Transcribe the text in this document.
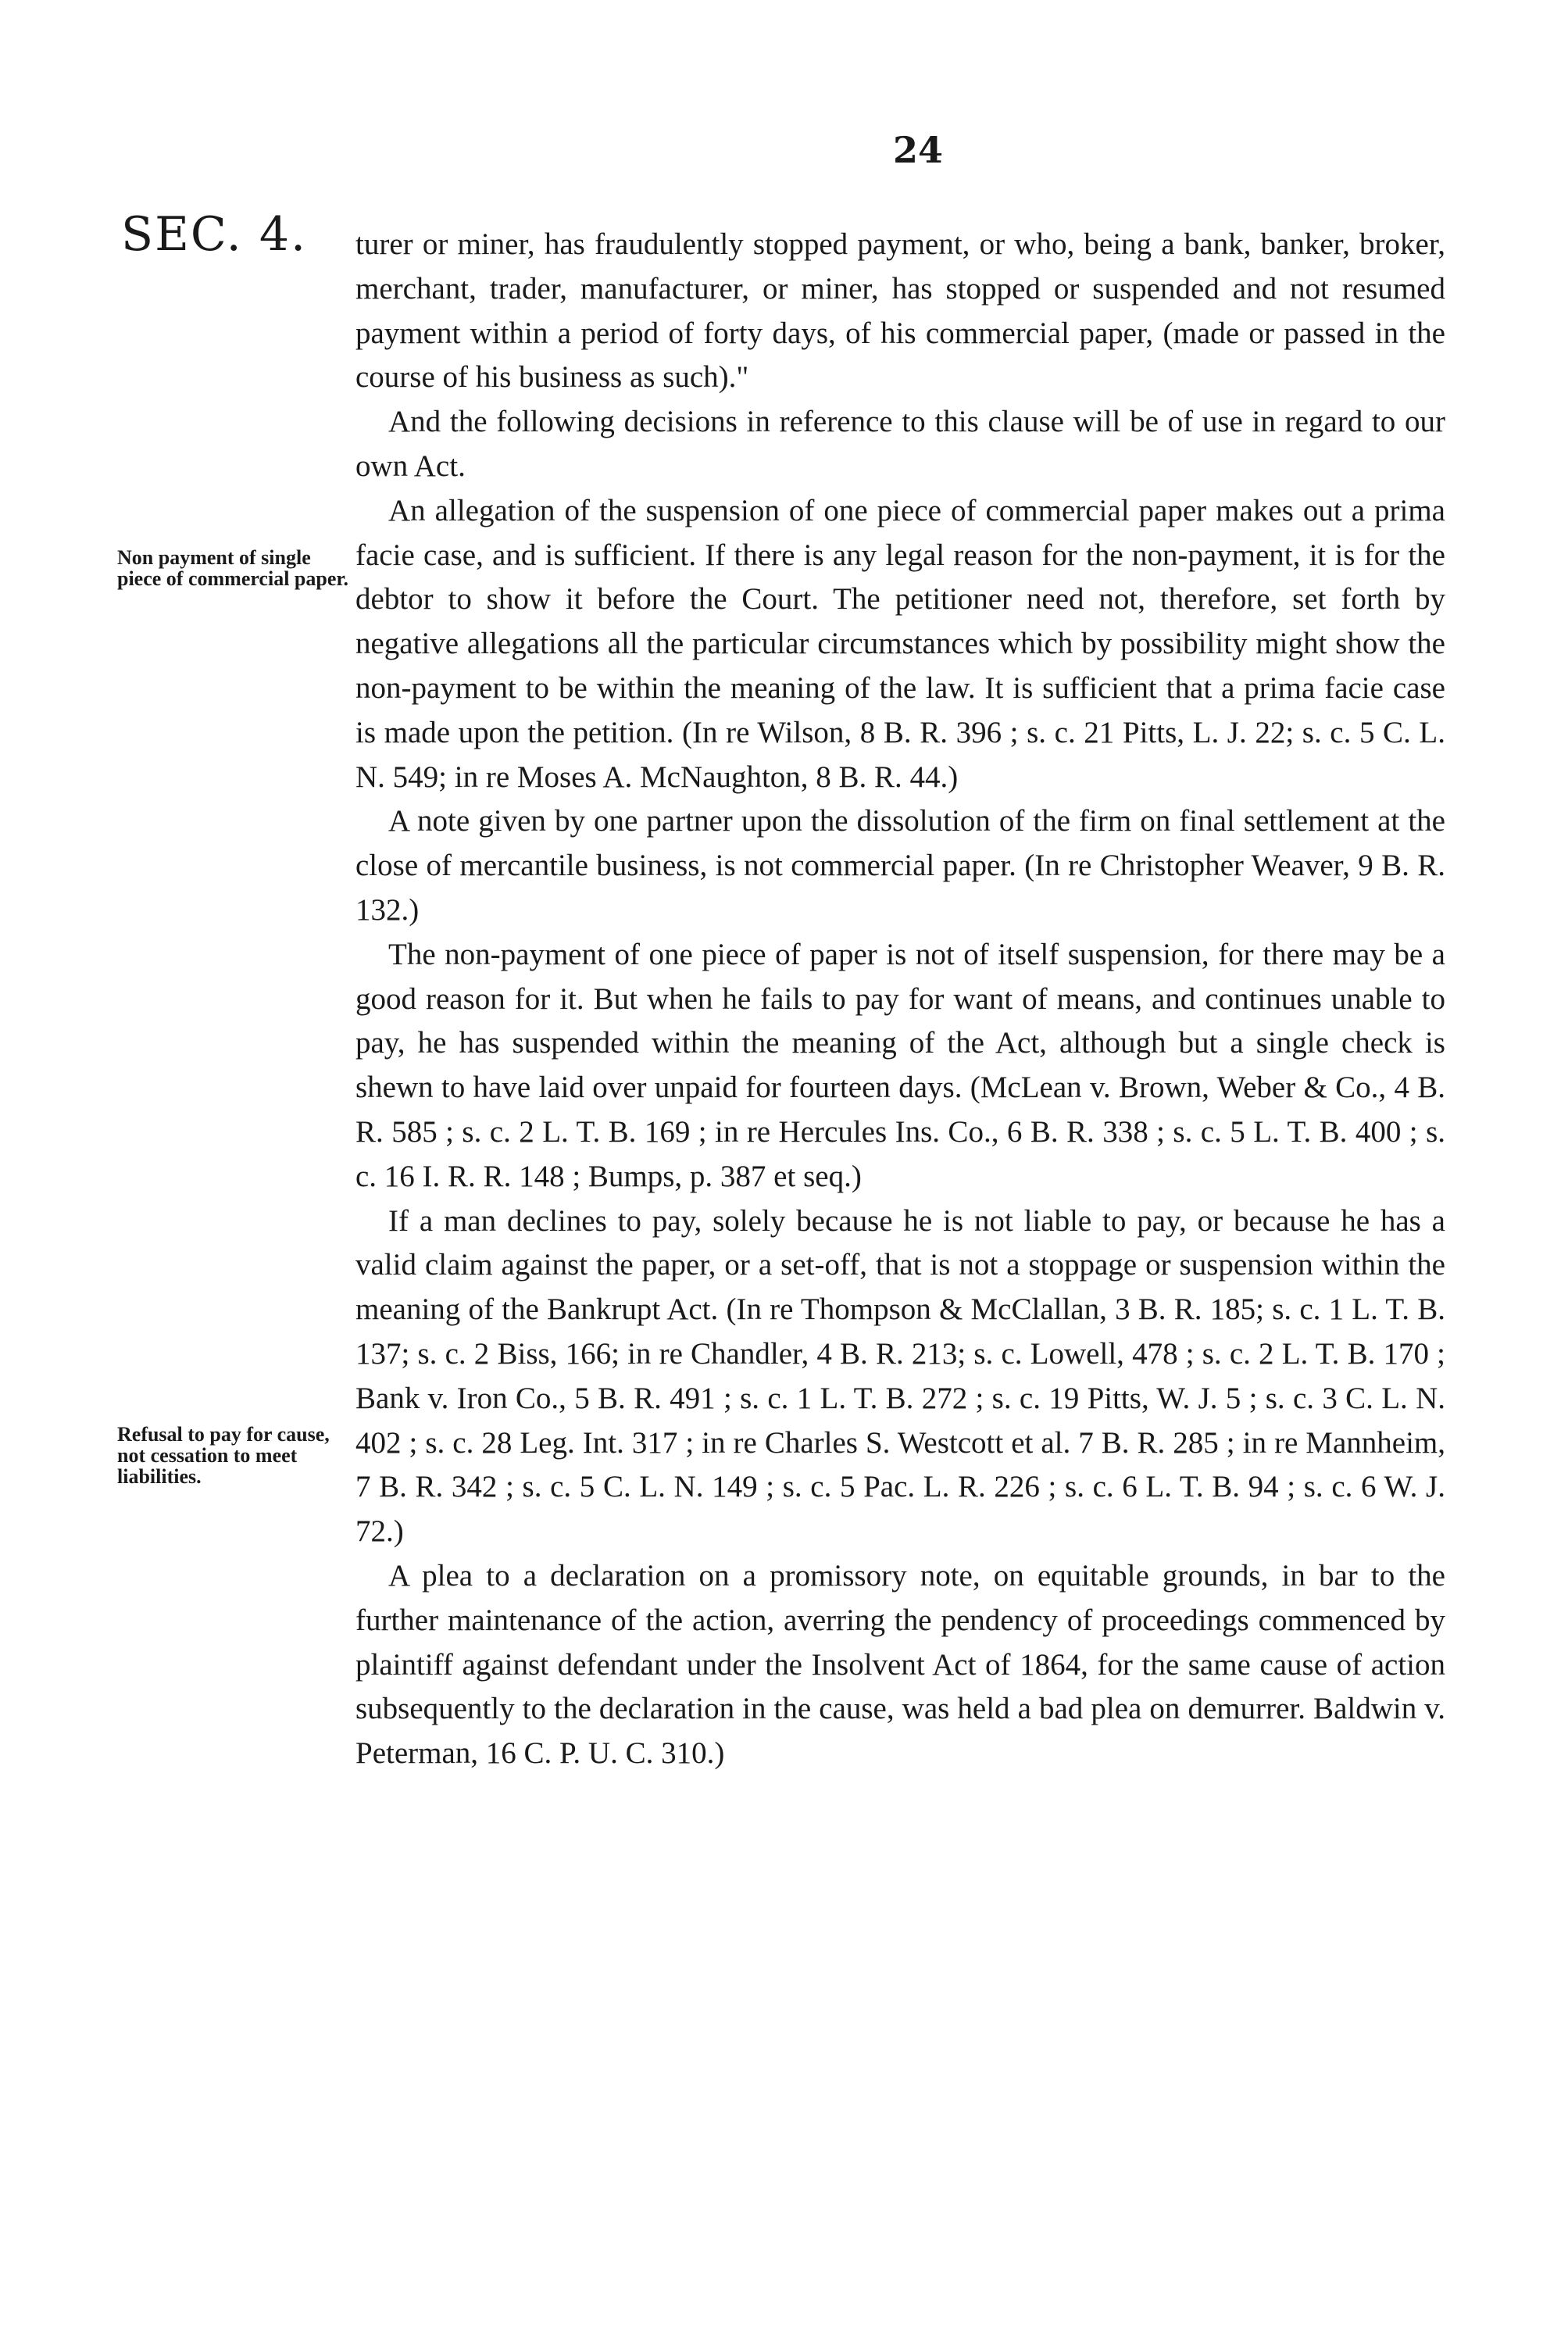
24
SEC. 4.
Non payment of single piece of commercial paper.
Refusal to pay for cause, not cessation to meet liabilities.

turer or miner, has fraudulently stopped payment, or who, being a bank, banker, broker, merchant, trader, manufacturer, or miner, has stopped or suspended and not resumed payment within a period of forty days, of his commercial paper, (made or passed in the course of his business as such)."

And the following decisions in reference to this clause will be of use in regard to our own Act.

An allegation of the suspension of one piece of commercial paper makes out a prima facie case, and is sufficient. If there is any legal reason for the non-payment, it is for the debtor to show it before the Court. The petitioner need not, therefore, set forth by negative allegations all the particular circumstances which by possibility might show the non-payment to be within the meaning of the law. It is sufficient that a prima facie case is made upon the petition. (In re Wilson, 8 B. R. 396 ; s. c. 21 Pitts, L. J. 22; s. c. 5 C. L. N. 549; in re Moses A. McNaughton, 8 B. R. 44.)

A note given by one partner upon the dissolution of the firm on final settlement at the close of mercantile business, is not commercial paper. (In re Christopher Weaver, 9 B. R. 132.)

The non-payment of one piece of paper is not of itself suspension, for there may be a good reason for it. But when he fails to pay for want of means, and continues unable to pay, he has suspended within the meaning of the Act, although but a single check is shewn to have laid over unpaid for fourteen days. (McLean v. Brown, Weber & Co., 4 B. R. 585 ; s. c. 2 L. T. B. 169 ; in re Hercules Ins. Co., 6 B. R. 338 ; s. c. 5 L. T. B. 400 ; s. c. 16 I. R. R. 148 ; Bumps, p. 387 et seq.)

If a man declines to pay, solely because he is not liable to pay, or because he has a valid claim against the paper, or a set-off, that is not a stoppage or suspension within the meaning of the Bankrupt Act. (In re Thompson & McClallan, 3 B. R. 185; s. c. 1 L. T. B. 137; s. c. 2 Biss, 166; in re Chandler, 4 B. R. 213; s. c. Lowell, 478 ; s. c. 2 L. T. B. 170 ; Bank v. Iron Co., 5 B. R. 491 ; s. c. 1 L. T. B. 272 ; s. c. 19 Pitts, W. J. 5 ; s. c. 3 C. L. N. 402 ; s. c. 28 Leg. Int. 317 ; in re Charles S. Westcott et al. 7 B. R. 285 ; in re Mannheim, 7 B. R. 342 ; s. c. 5 C. L. N. 149 ; s. c. 5 Pac. L. R. 226 ; s. c. 6 L. T. B. 94 ; s. c. 6 W. J. 72.)

A plea to a declaration on a promissory note, on equitable grounds, in bar to the further maintenance of the action, averring the pendency of proceedings commenced by plaintiff against defendant under the Insolvent Act of 1864, for the same cause of action subsequently to the declaration in the cause, was held a bad plea on demurrer. Baldwin v. Peterman, 16 C. P. U. C. 310.)
